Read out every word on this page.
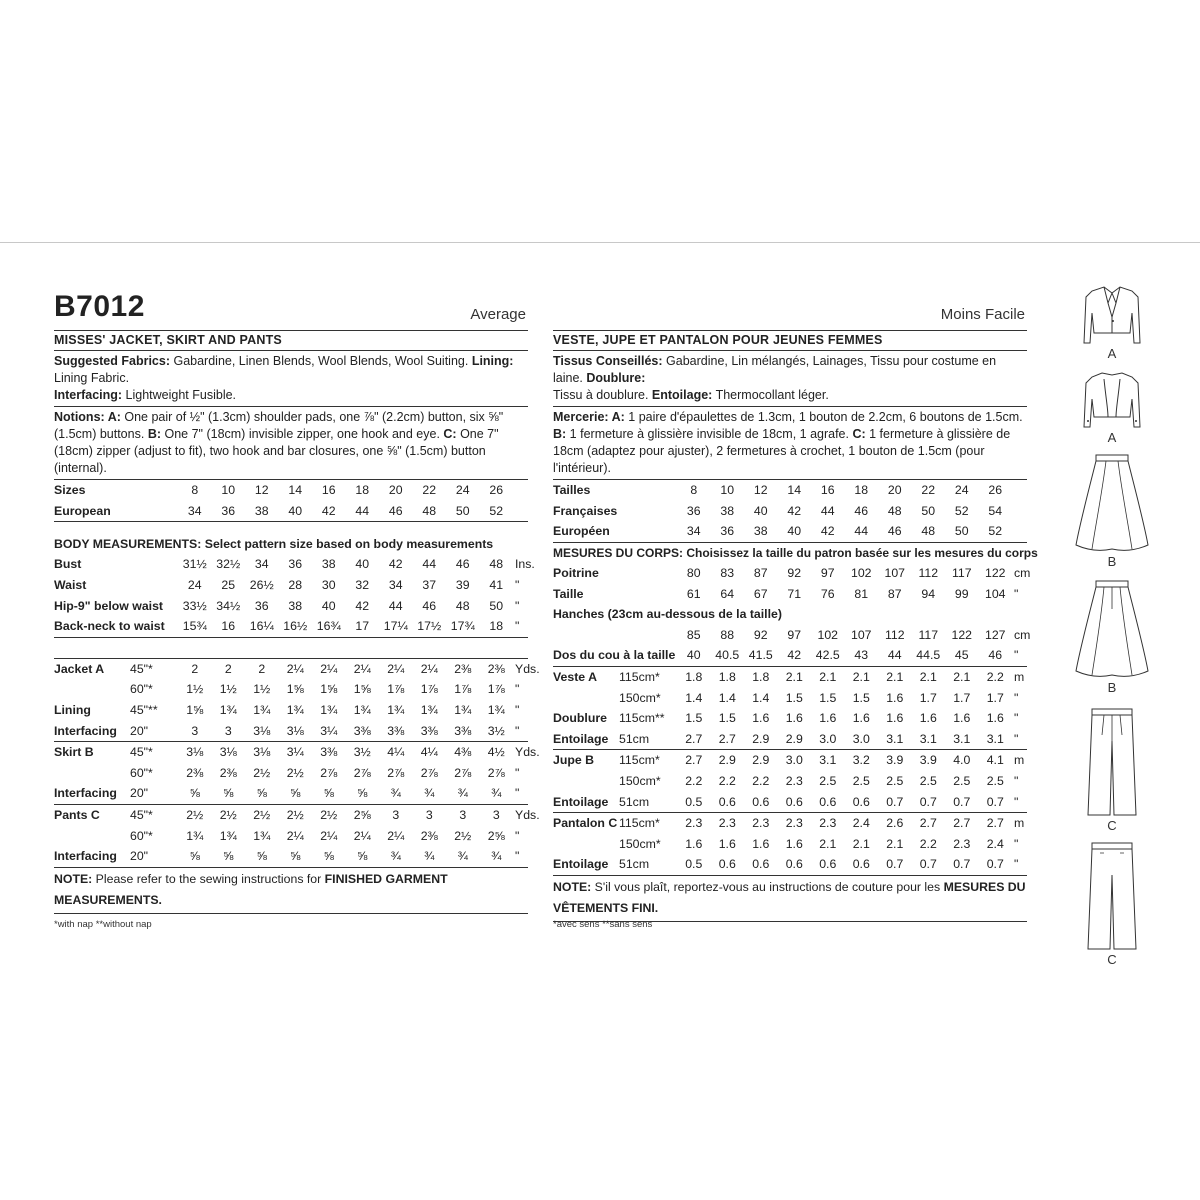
B7012	Average
MISSES' JACKET, SKIRT AND PANTS
Suggested Fabrics: Gabardine, Linen Blends, Wool Blends, Wool Suiting. Lining: Lining Fabric.
Interfacing: Lightweight Fusible.
Notions: A: One pair of ½" (1.3cm) shoulder pads, one ⅞" (2.2cm) button, six ⅝" (1.5cm) buttons. B: One 7" (18cm) invisible zipper, one hook and eye. C: One 7" (18cm) zipper (adjust to fit), two hook and bar closures, one ⅝" (1.5cm) button (internal).
Sizes	8	10	12	14	16	18	20	22	24	26	
European	34	36	38	40	42	44	46	48	50	52	

BODY MEASUREMENTS: Select pattern size based on body measurements
Bust	31½	32½	34	36	38	40	42	44	46	48	Ins.
Waist	24	25	26½	28	30	32	34	37	39	41	"
Hip-9" below waist	33½	34½	36	38	40	42	44	46	48	50	"
Back-neck to waist	15¾	16	16¼	16½	16¾	17	17¼	17½	17¾	18	"

Jacket A	45"*	2	2	2	2¼	2¼	2¼	2¼	2¼	2⅜	2⅜	Yds.
	60"*	1½	1½	1½	1⅝	1⅝	1⅝	1⅞	1⅞	1⅞	1⅞	"
Lining	45"**	1⅝	1¾	1¾	1¾	1¾	1¾	1¾	1¾	1¾	1¾	"
Interfacing	20"	3	3	3⅛	3⅛	3¼	3⅜	3⅜	3⅜	3⅜	3½	"
Skirt B	45"*	3⅛	3⅛	3⅛	3¼	3⅜	3½	4¼	4¼	4⅜	4½	Yds.
	60"*	2⅜	2⅜	2½	2½	2⅞	2⅞	2⅞	2⅞	2⅞	2⅞	"
Interfacing	20"	⅝	⅝	⅝	⅝	⅝	⅝	¾	¾	¾	¾	"
Pants C	45"*	2½	2½	2½	2½	2½	2⅝	3	3	3	3	Yds.
	60"*	1¾	1¾	1¾	2¼	2¼	2¼	2¼	2⅜	2½	2⅝	"
Interfacing	20"	⅝	⅝	⅝	⅝	⅝	⅝	¾	¾	¾	¾	"
NOTE: Please refer to the sewing instructions for FINISHED GARMENT MEASUREMENTS.
Moins Facile
VESTE, JUPE ET PANTALON POUR JEUNES FEMMES
Tissus Conseillés: Gabardine, Lin mélangés, Lainages, Tissu pour costume en laine. Doublure:
Tissu à doublure. Entoilage: Thermocollant léger.
Mercerie: A: 1 paire d'épaulettes de 1.3cm, 1 bouton de 2.2cm, 6 boutons de 1.5cm.
B: 1 fermeture à glissière invisible de 18cm, 1 agrafe. C: 1 fermeture à glissière de 18cm (adaptez pour ajuster), 2 fermetures à crochet, 1 bouton de 1.5cm (pour l'intérieur).
Tailles	8	10	12	14	16	18	20	22	24	26	
Françaises	36	38	40	42	44	46	48	50	52	54	
Européen	34	36	38	40	42	44	46	48	50	52	
MESURES DU CORPS: Choisissez la taille du patron basée sur les mesures du corps
Poitrine	80	83	87	92	97	102	107	112	117	122	cm
Taille	61	64	67	71	76	81	87	94	99	104	"
Hanches (23cm au-dessous de la taille)											
	85	88	92	97	102	107	112	117	122	127	cm
Dos du cou à la taille	40	40.5	41.5	42	42.5	43	44	44.5	45	46	"
Veste A	115cm*	1.8	1.8	1.8	2.1	2.1	2.1	2.1	2.1	2.1	2.2	m
	150cm*	1.4	1.4	1.4	1.5	1.5	1.5	1.6	1.7	1.7	1.7	"
Doublure	115cm**	1.5	1.5	1.6	1.6	1.6	1.6	1.6	1.6	1.6	1.6	"
Entoilage	51cm	2.7	2.7	2.9	2.9	3.0	3.0	3.1	3.1	3.1	3.1	"
Jupe B	115cm*	2.7	2.9	2.9	3.0	3.1	3.2	3.9	3.9	4.0	4.1	m
	150cm*	2.2	2.2	2.2	2.3	2.5	2.5	2.5	2.5	2.5	2.5	"
Entoilage	51cm	0.5	0.6	0.6	0.6	0.6	0.6	0.7	0.7	0.7	0.7	"
Pantalon C	115cm*	2.3	2.3	2.3	2.3	2.3	2.4	2.6	2.7	2.7	2.7	m
	150cm*	1.6	1.6	1.6	1.6	2.1	2.1	2.1	2.2	2.3	2.4	"
Entoilage	51cm	0.5	0.6	0.6	0.6	0.6	0.6	0.7	0.7	0.7	0.7	"
NOTE: S'il vous plaît, reportez-vous au instructions de couture pour les MESURES DU VÊTEMENTS FINI.
*with nap **without nap	*avec sens **sans sens
A
A
B
B
C
C
